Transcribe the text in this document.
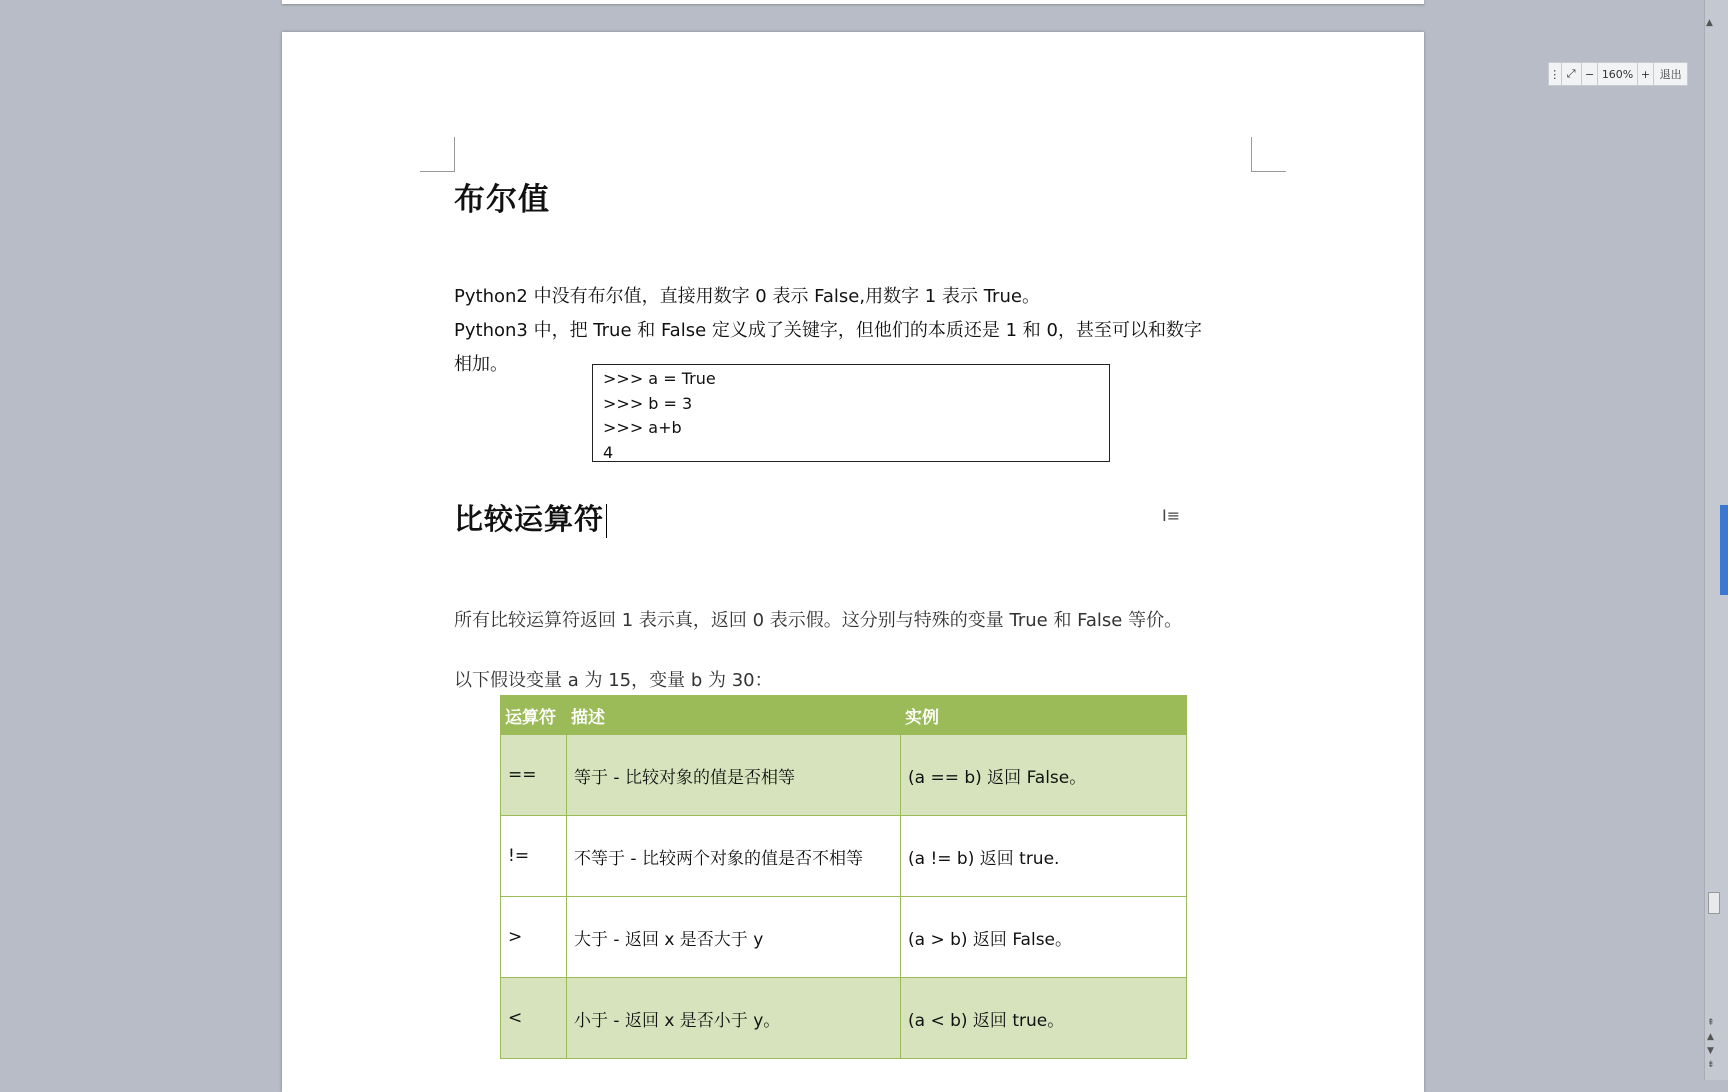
布尔值

Python2 中没有布尔值，直接用数字 0 表示 False,用数字 1 表示 True。

Python3 中，把 True 和 False 定义成了关键字，但他们的本质还是 1 和 0，甚至可以和数字

相加。

>>> a = True
>>> b = 3
>>> a+b
4
比较运算符

所有比较运算符返回 1 表示真，返回 0 表示假。这分别与特殊的变量 True 和 False 等价。

以下假设变量 a 为 15，变量 b 为 30：

运算符	描述	实例
==	等于 - 比较对象的值是否相等	(a == b) 返回 False。
!=	不等于 - 比较两个对象的值是否不相等	(a != b) 返回 true.
>	大于 - 返回 x 是否大于 y	(a > b) 返回 False。
<	小于 - 返回 x 是否小于 y。	(a < b) 返回 true。
I≡
⋮ ⤢ − 160% + 退出
▲
⇞
▲
▼
⇟
